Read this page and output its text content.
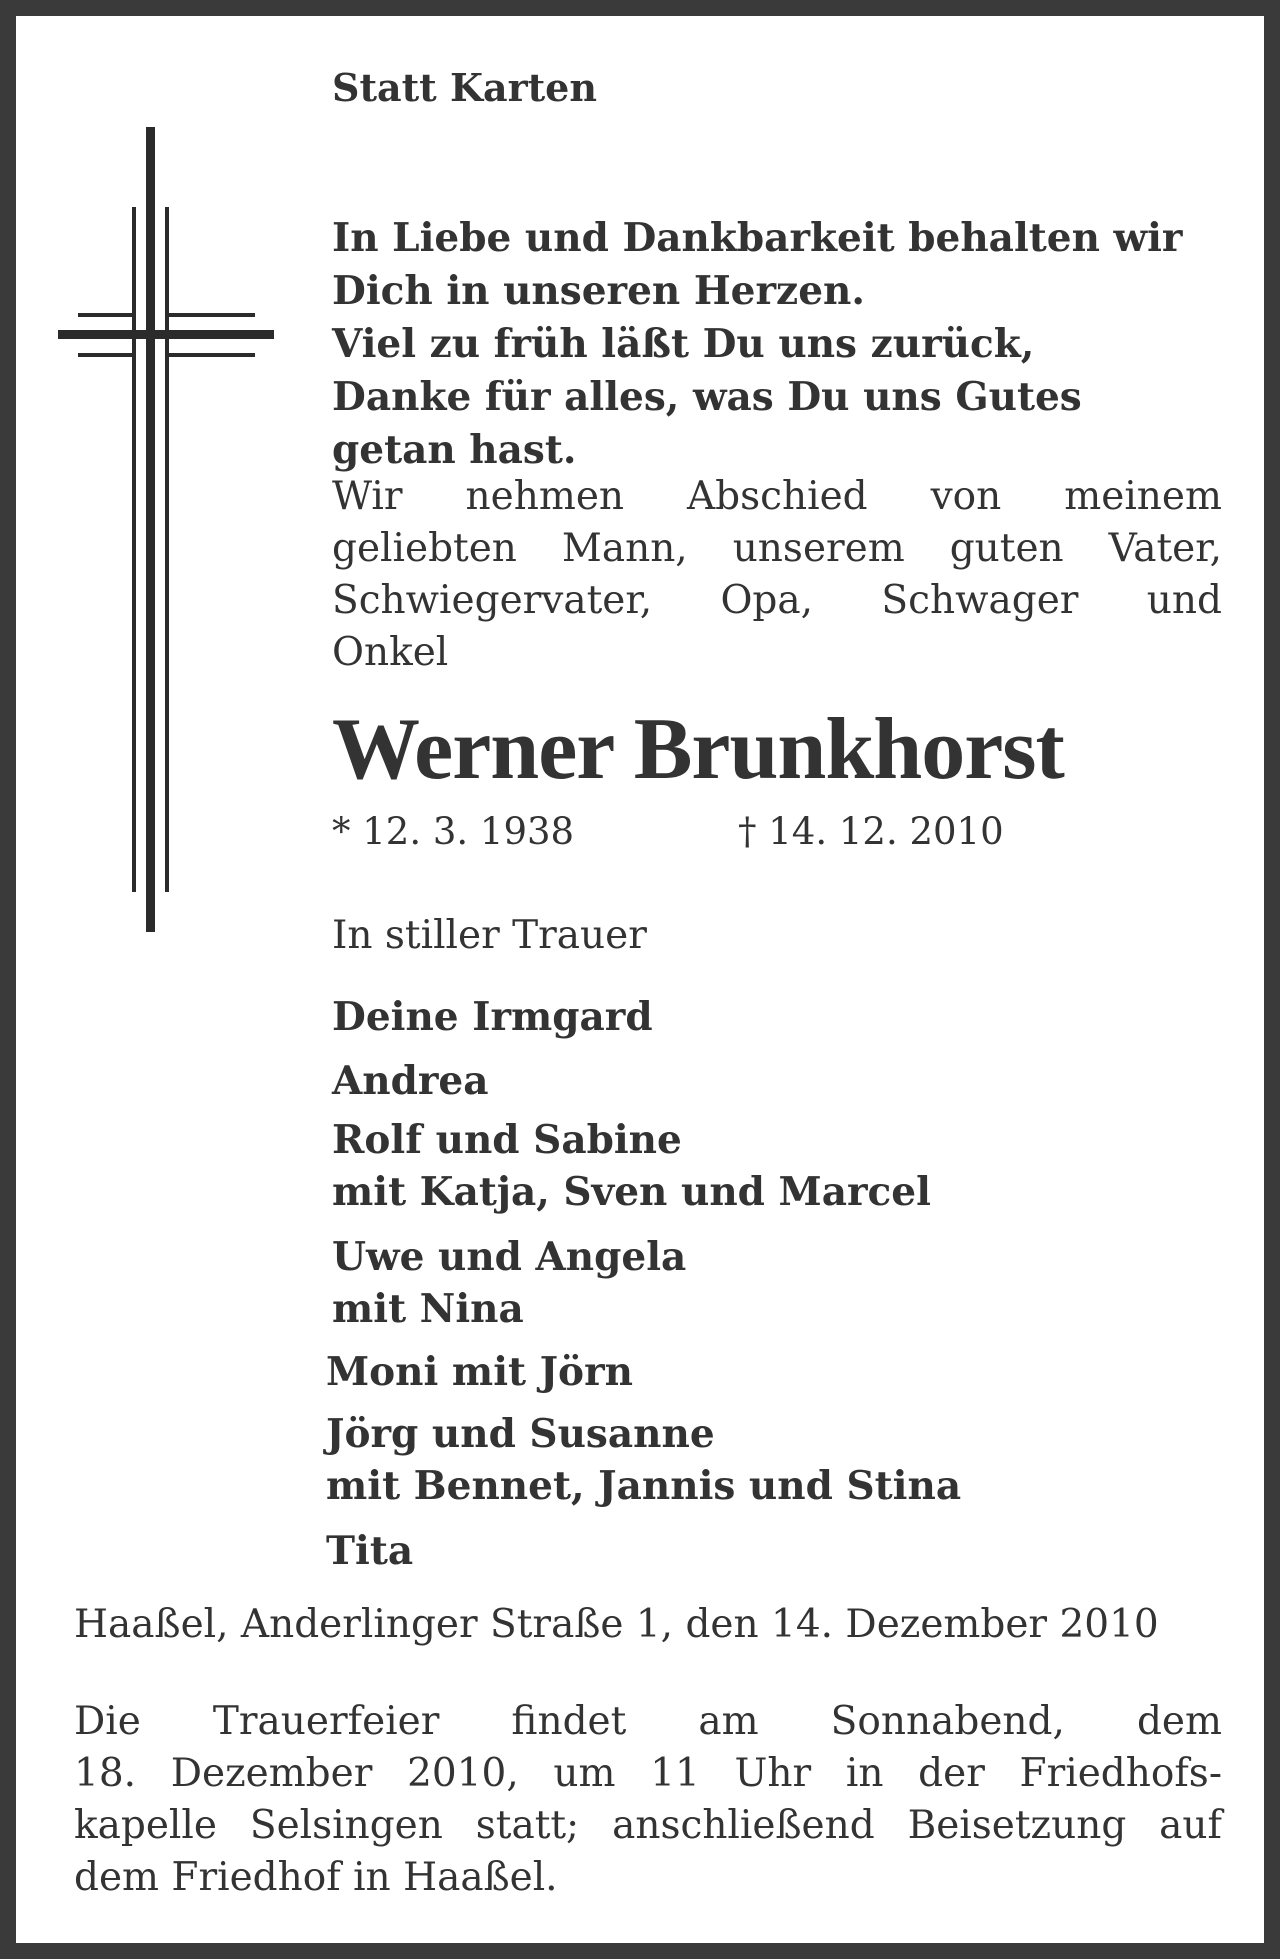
Statt Karten
In Liebe und Dankbarkeit behalten wir
Dich in unseren Herzen.
Viel zu früh läßt Du uns zurück,
Danke für alles, was Du uns Gutes
getan hast.
Wir nehmen Abschied von meinem
geliebten Mann, unserem guten Vater,
Schwiegervater, Opa, Schwager und
Onkel
Werner Brunkhorst
* 12. 3. 1938	† 14. 12. 2010
In stiller Trauer
Deine Irmgard
Andrea
Rolf und Sabine
mit Katja, Sven und Marcel
Uwe und Angela
mit Nina
Moni mit Jörn
Jörg und Susanne
mit Bennet, Jannis und Stina
Tita
Haaßel, Anderlinger Straße 1, den 14. Dezember 2010
Die Trauerfeier findet am Sonnabend, dem
18. Dezember 2010, um 11 Uhr in der Friedhofs-
kapelle Selsingen statt; anschließend Beisetzung auf
dem Friedhof in Haaßel.
